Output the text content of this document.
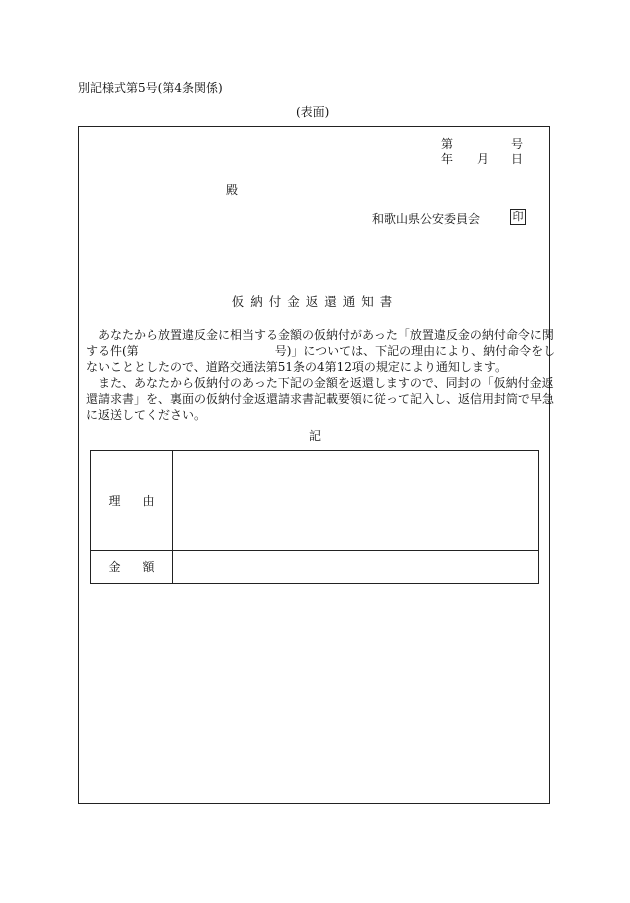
別記様式第5号(第4条関係)
(表面)
第	号
年 月 日
殿
和歌山県公安委員会	印
仮納付金返還通知書
あなたから放置違反金に相当する金額の仮納付があった「放置違反金の納付命令に関
する件(第	号)」については、下記の理由により、納付命令をし
ないこととしたので、道路交通法第51条の4第12項の規定により通知します。
また、あなたから仮納付のあった下記の金額を返還しますので、同封の「仮納付金返
還請求書」を、裏面の仮納付金返還請求書記載要領に従って記入し、返信用封筒で早急
に返送してください。
記
理 由
金 額
